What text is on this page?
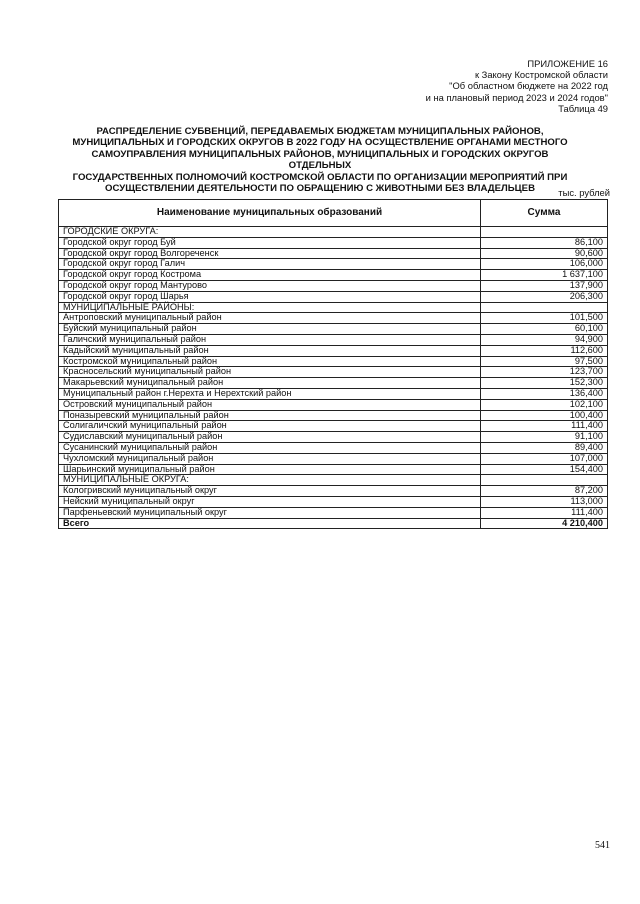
ПРИЛОЖЕНИЕ 16
к Закону Костромской области
"Об областном бюджете на 2022 год
и на плановый период 2023 и 2024 годов"
Таблица 49
РАСПРЕДЕЛЕНИЕ СУБВЕНЦИЙ, ПЕРЕДАВАЕМЫХ БЮДЖЕТАМ МУНИЦИПАЛЬНЫХ РАЙОНОВ,
МУНИЦИПАЛЬНЫХ И ГОРОДСКИХ ОКРУГОВ В 2022 ГОДУ НА ОСУЩЕСТВЛЕНИЕ ОРГАНАМИ МЕСТНОГО
САМОУПРАВЛЕНИЯ МУНИЦИПАЛЬНЫХ РАЙОНОВ, МУНИЦИПАЛЬНЫХ И ГОРОДСКИХ ОКРУГОВ ОТДЕЛЬНЫХ
ГОСУДАРСТВЕННЫХ ПОЛНОМОЧИЙ КОСТРОМСКОЙ ОБЛАСТИ ПО ОРГАНИЗАЦИИ МЕРОПРИЯТИЙ ПРИ
ОСУЩЕСТВЛЕНИИ ДЕЯТЕЛЬНОСТИ ПО ОБРАЩЕНИЮ С ЖИВОТНЫМИ БЕЗ ВЛАДЕЛЬЦЕВ	тыс. рублей
Наименование муниципальных образований	Сумма
ГОРОДСКИЕ ОКРУГА:	
Городской округ город Буй	86,100
Городской округ город Волгореченск	90,600
Городской округ город Галич	106,000
Городской округ город Кострома	1 637,100
Городской округ город Мантурово	137,900
Городской округ город Шарья	206,300
МУНИЦИПАЛЬНЫЕ РАЙОНЫ:	
Антроповский муниципальный район	101,500
Буйский муниципальный район	60,100
Галичский муниципальный район	94,900
Кадыйский муниципальный район	112,600
Костромской муниципальный район	97,500
Красносельский муниципальный район	123,700
Макарьевский муниципальный район	152,300
Муниципальный район г.Нерехта и Нерехтский район	136,400
Островский муниципальный район	102,100
Поназыревский муниципальный район	100,400
Солигаличский муниципальный район	111,400
Судиславский муниципальный район	91,100
Сусанинский муниципальный район	89,400
Чухломский муниципальный район	107,000
Шарьинский муниципальный район	154,400
МУНИЦИПАЛЬНЫЕ ОКРУГА:	
Кологривский муниципальный округ	87,200
Нейский муниципальный округ	113,000
Парфеньевский муниципальный округ	111,400
Всего	4 210,400
541
